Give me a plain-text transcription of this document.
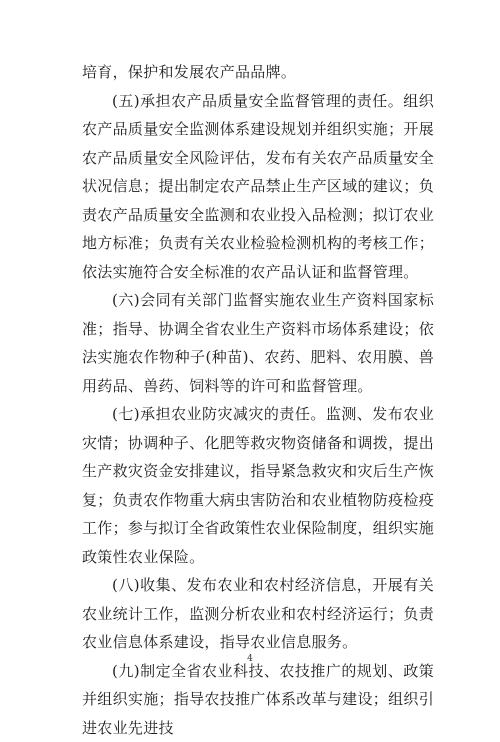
培育，保护和发展农产品品牌。

(五)承担农产品质量安全监督管理的责任。组织农产品质量安全监测体系建设规划并组织实施；开展农产品质量安全风险评估，发布有关农产品质量安全状况信息；提出制定农产品禁止生产区域的建议；负责农产品质量安全监测和农业投入品检测；拟订农业地方标准；负责有关农业检验检测机构的考核工作；依法实施符合安全标准的农产品认证和监督管理。

(六)会同有关部门监督实施农业生产资料国家标准；指导、协调全省农业生产资料市场体系建设；依法实施农作物种子(种苗)、农药、肥料、农用膜、兽用药品、兽药、饲料等的许可和监督管理。

(七)承担农业防灾减灾的责任。监测、发布农业灾情；协调种子、化肥等救灾物资储备和调拨，提出生产救灾资金安排建议，指导紧急救灾和灾后生产恢复；负责农作物重大病虫害防治和农业植物防疫检疫工作；参与拟订全省政策性农业保险制度，组织实施政策性农业保险。

(八)收集、发布农业和农村经济信息，开展有关农业统计工作，监测分析农业和农村经济运行；负责农业信息体系建设，指导农业信息服务。

(九)制定全省农业科技、农技推广的规划、政策并组织实施；指导农技推广体系改革与建设；组织引进农业先进技

4
